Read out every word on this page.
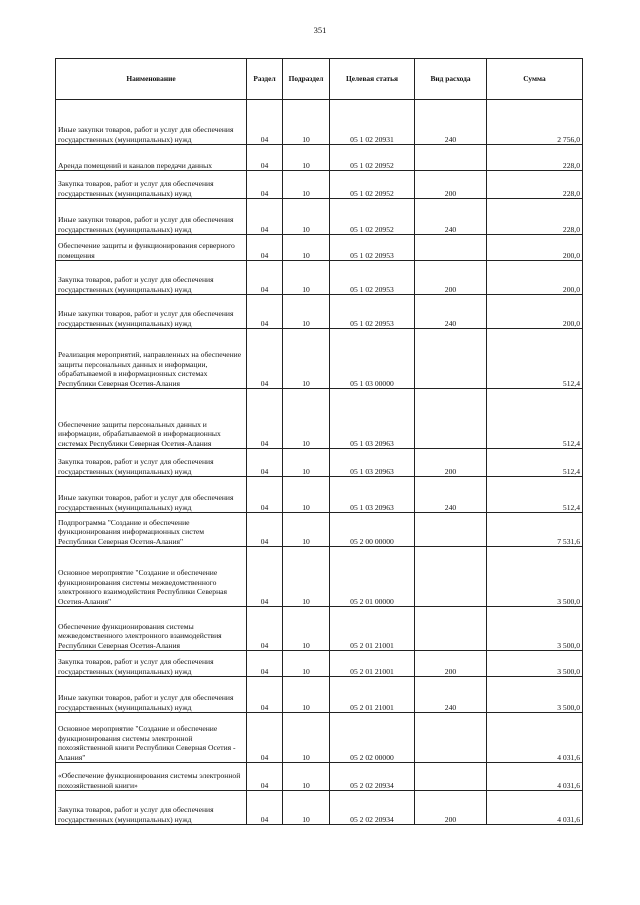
351
Наименование	Раздел	Подраздел	Целевая статья	Вид расхода	Сумма
Иные закупки товаров, работ и услуг для обеспечения государственных (муниципальных) нужд	04	10	05 1 02 20931	240	2 756,0
Аренда помещений и каналов передачи данных	04	10	05 1 02 20952		228,0
Закупка товаров, работ и услуг для обеспечения государственных (муниципальных) нужд	04	10	05 1 02 20952	200	228,0
Иные закупки товаров, работ и услуг для обеспечения государственных (муниципальных) нужд	04	10	05 1 02 20952	240	228,0
Обеспечение защиты и функционирования серверного помещения	04	10	05 1 02 20953		200,0
Закупка товаров, работ и услуг для обеспечения государственных (муниципальных) нужд	04	10	05 1 02 20953	200	200,0
Иные закупки товаров, работ и услуг для обеспечения государственных (муниципальных) нужд	04	10	05 1 02 20953	240	200,0
Реализация мероприятий, направленных на обеспечение защиты персональных данных и информации, обрабатываемой в информационных системах Республики Северная Осетия-Алания	04	10	05 1 03 00000		512,4
Обеспечение защиты персональных данных и информации, обрабатываемой в информационных системах Республики Северная Осетия-Алания	04	10	05 1 03 20963		512,4
Закупка товаров, работ и услуг для обеспечения государственных (муниципальных) нужд	04	10	05 1 03 20963	200	512,4
Иные закупки товаров, работ и услуг для обеспечения государственных (муниципальных) нужд	04	10	05 1 03 20963	240	512,4
Подпрограмма "Создание и обеспечение функционирования информационных систем Республики Северная Осетия-Алания"	04	10	05 2 00 00000		7 531,6
Основное мероприятие "Создание и обеспечение функционирования системы межведомственного электронного взаимодействия Республики Северная Осетия-Алания"	04	10	05 2 01 00000		3 500,0
Обеспечение функционирования системы межведомственного электронного взаимодействия Республики Северная Осетия-Алания	04	10	05 2 01 21001		3 500,0
Закупка товаров, работ и услуг для обеспечения государственных (муниципальных) нужд	04	10	05 2 01 21001	200	3 500,0
Иные закупки товаров, работ и услуг для обеспечения государственных (муниципальных) нужд	04	10	05 2 01 21001	240	3 500,0
Основное мероприятие "Создание и обеспечение функционирования системы электронной похозяйственной книги Республики Северная Осетия - Алания"	04	10	05 2 02 00000		4 031,6
«Обеспечение функционирования системы электронной похозяйственной книги»	04	10	05 2 02 20934		4 031,6
Закупка товаров, работ и услуг для обеспечения государственных (муниципальных) нужд	04	10	05 2 02 20934	200	4 031,6
